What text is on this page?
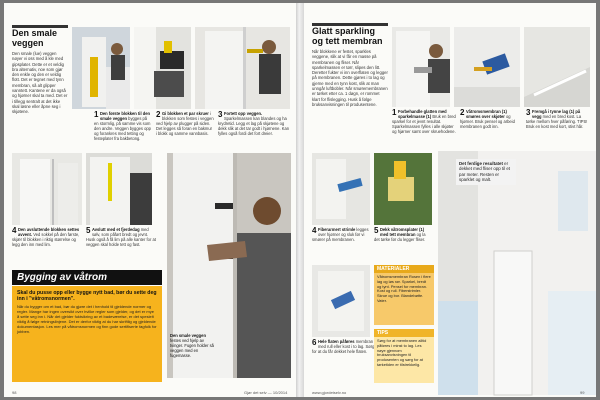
Den smale veggen

Den smale (lue) veggen nøyer vi oss med å kle med gipsplater. Dette er et veldig bra alternativ, noe som gjør den enkle og den er veldig flott. Det er tegnet med tynn membran, så alt glipper vanntett. Kantene er da også og hjørner skal ta med. Det er i tillegg sentralt at det ikke skal løsne eller åpne seg i skjøtene.	1 Den første blokken til den smale veggen bygges på en stormlig, på samme vis som den andre. Veggen bygges opp og forankres med tetting og festeplater fra bakbetong.
2 Gi blokken et par skruer i blokken som festes i veggen ved hjelp av plugger på siden. Det legges så foran en bakmur i blokk og samme vannbasis.
3 Fortett opp veggen. Sparkelmassen kan blandes og ha krydretid. Legg et lag på skjøtene og dekk slik at det tar godt i hjørnene. Kan fylles også fordi det fort dreier.
4 Den avsluttende blokken settes avvent. Ved sokkel på den første, skjær til blokken i riktig størrelse og legg den inn med lim.
5 Avslutt med et fjerdedag med sølv, som påført bredt og jevnt. Husk også å få lim på alle kanter for at veggen skal holde tett og fast.
Den smale veggen festes ved hjelp av tvinger. Fugen holder så veggen med en fugemasse.
Bygging av våtrom

Skal du pusse opp eller bygge nytt bad, bør du sette deg inn i "våtromsnormen".

Når du bygger om et bad, bør du gjøre det i henhold til gjeldende normer og regler. Mange har ingen oversikt over hvilke regler som gjelder, og det er mye å sette seg inn i. Når det gjelder fuktsikring av et badeværelse, er det spesielt viktig å følge retningslinjene. Det er derfor viktig at du har skriftlig og gjeldende dokumentasjon. Les mer på våtromsnormen og finn gode sertifiserte fagfolk for jobben.

98	Gjør det selv — 10/2014
Glatt sparkling og tett membran

Når blokkene er festet, sparkles veggene, slik at vi får en masse på membranen og fliser. Når sparkelmassen er tørr, slipes den litt. Deretter fukter vi inn overflaten og legger på membranen. Dette gjøres i to lag og gjerne med en tynn kost, slik at man unngår luftbobler. Når smøremembranen er tørket etter ca. 1 døgn, er rommet klart for flislegging. Husk å følge bruksanvisningen til produsentene.

1 Forbehandle glatten med sparkelmasse (1) Bruk en bred sparkel for et jevnt resultat. Sparkelmassen fylles i alle skjøter og hjørner samt over skruehodene.
2 Våtromsmembran (1) smøres over skjøter og hjørner. Bruk pensel og arbeid membranen godt inn.
3 Fremgå i tynne lag (1) på vegg med en bred kost. La tørke mellom hver påføring. TIPS! Bruk en kost med kort, stivt hår.
4 Fiberarmert strimle legges over hjørner og sluk før vi smører på membranen.
5 Dekk våtromsplater (1) med tett membran og la det tørke før du legger fliser.
6 Hele flaten påføres membran med rull eller kost i to lag. Sørg for at du får dekket hele flaten.
MATERIALER
Våtromsmembran Rosen i flere lag og løs rør. Sparkel, bredt og tynt. Pensel for membran. Kost og rull. Fiberstrimler. Skrue og bor. Blandebøtte. Vater.
TIPS
Sørg for at membranen alltid påføres i minst to lag. Les nøye gjennom bruksanvisningen til produsenten og sørg for at tørketiden er tilstrekkelig.
Det ferdige resultatet er dekket med fliser opp til et par meter. Resten er sparklet og malt.
www.gjordetselv.no	99
